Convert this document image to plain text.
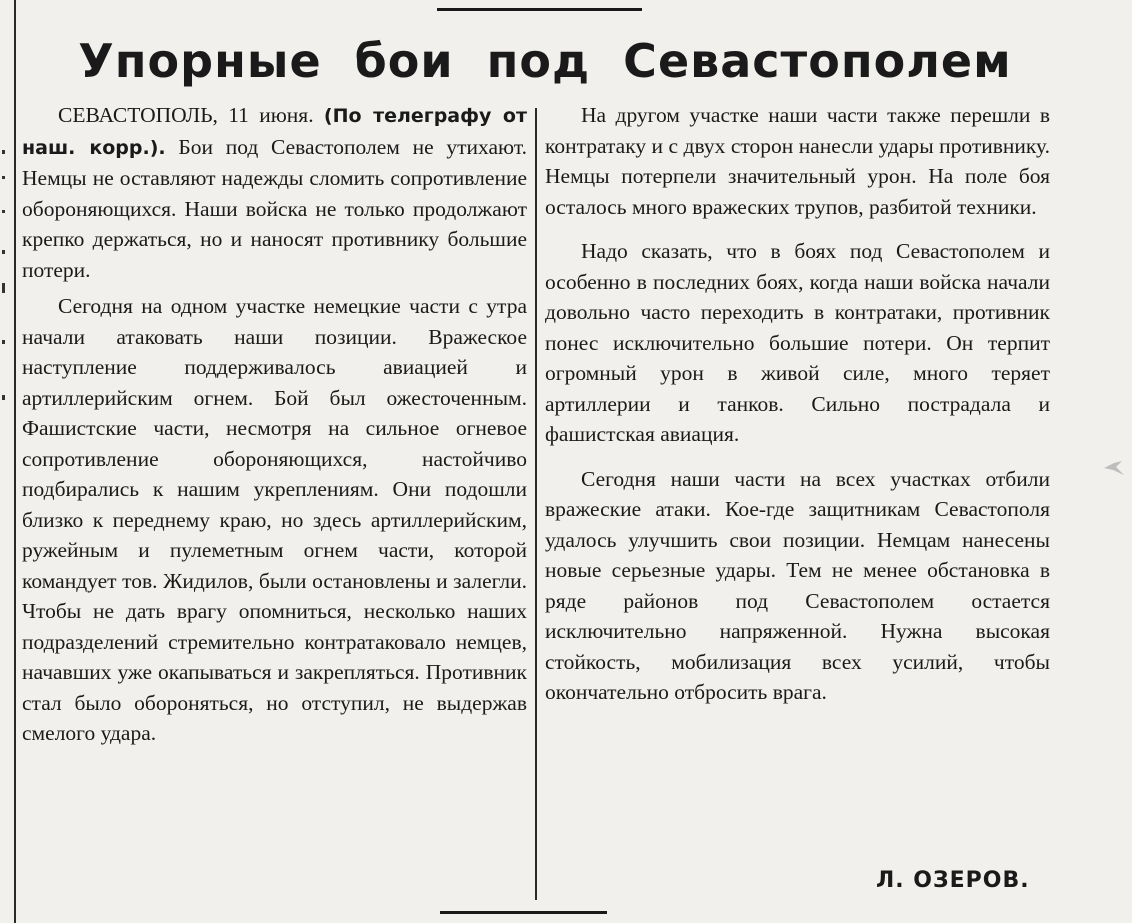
Упорные бои под Севастополем

СЕВАСТОПОЛЬ, 11 июня. (По телеграфу от наш. корр.). Бои под Севастополем не утихают. Немцы не оставляют надежды сломить сопротивление обороняющихся. Наши войска не только продолжают крепко держаться, но и наносят противнику большие потери.

Сегодня на одном участке немецкие части с утра начали атаковать наши позиции. Вражеское наступление поддерживалось авиацией и артиллерийским огнем. Бой был ожесточенным. Фашистские части, несмотря на сильное огневое сопротивление обороняющихся, настойчиво подбирались к нашим укреплениям. Они подошли близко к переднему краю, но здесь артиллерийским, ружейным и пулеметным огнем части, которой командует тов. Жидилов, были остановлены и залегли. Чтобы не дать врагу опомниться, несколько наших подразделений стремительно контратаковало немцев, начавших уже окапываться и закрепляться. Противник стал было обороняться, но отступил, не выдержав смелого удара.

На другом участке наши части также перешли в контратаку и с двух сторон нанесли удары противнику. Немцы потерпели значительный урон. На поле боя осталось много вражеских трупов, разбитой техники.

Надо сказать, что в боях под Севастополем и особенно в последних боях, когда наши войска начали довольно часто переходить в контратаки, противник понес исключительно большие потери. Он терпит огромный урон в живой силе, много теряет артиллерии и танков. Сильно пострадала и фашистская авиация.

Сегодня наши части на всех участках отбили вражеские атаки. Кое-где защитникам Севастополя удалось улучшить свои позиции. Немцам нанесены новые серьезные удары. Тем не менее обстановка в ряде районов под Севастополем остается исключительно напряженной. Нужна высокая стойкость, мобилизация всех усилий, чтобы окончательно отбросить врага.

Л. ОЗЕРОВ.
